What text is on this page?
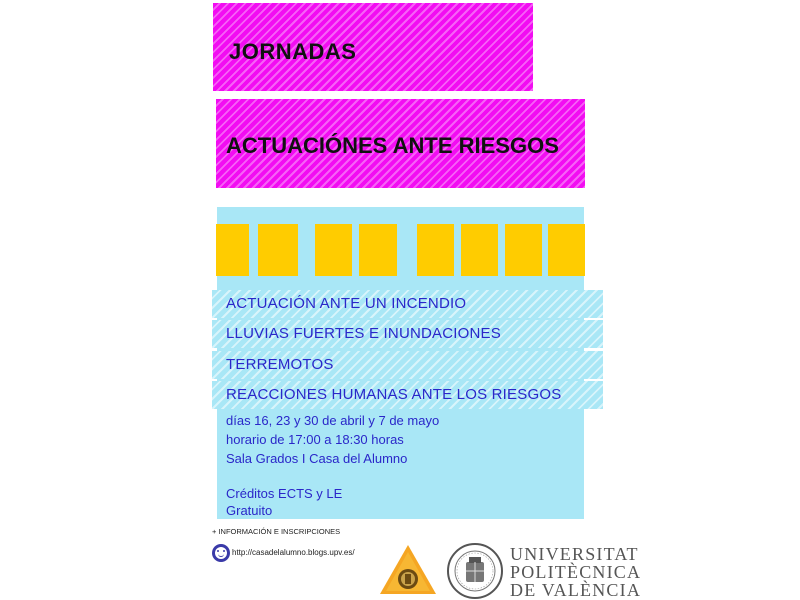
JORNADAS
ACTUACIÓNES ANTE RIESGOS
ACTUACIÓN ANTE UN INCENDIO
LLUVIAS FUERTES E INUNDACIONES
TERREMOTOS
REACCIONES HUMANAS ANTE LOS RIESGOS
días 16, 23 y 30 de abril y 7 de mayo
horario de 17:00 a 18:30 horas
Sala Grados I Casa del Alumno
Créditos ECTS y LE
Gratuito
+ INFORMACIÓN E INSCRIPCIONES
http://casadelalumno.blogs.upv.es/	UNIVERSITAT
POLITÈCNICA
DE VALÈNCIA
